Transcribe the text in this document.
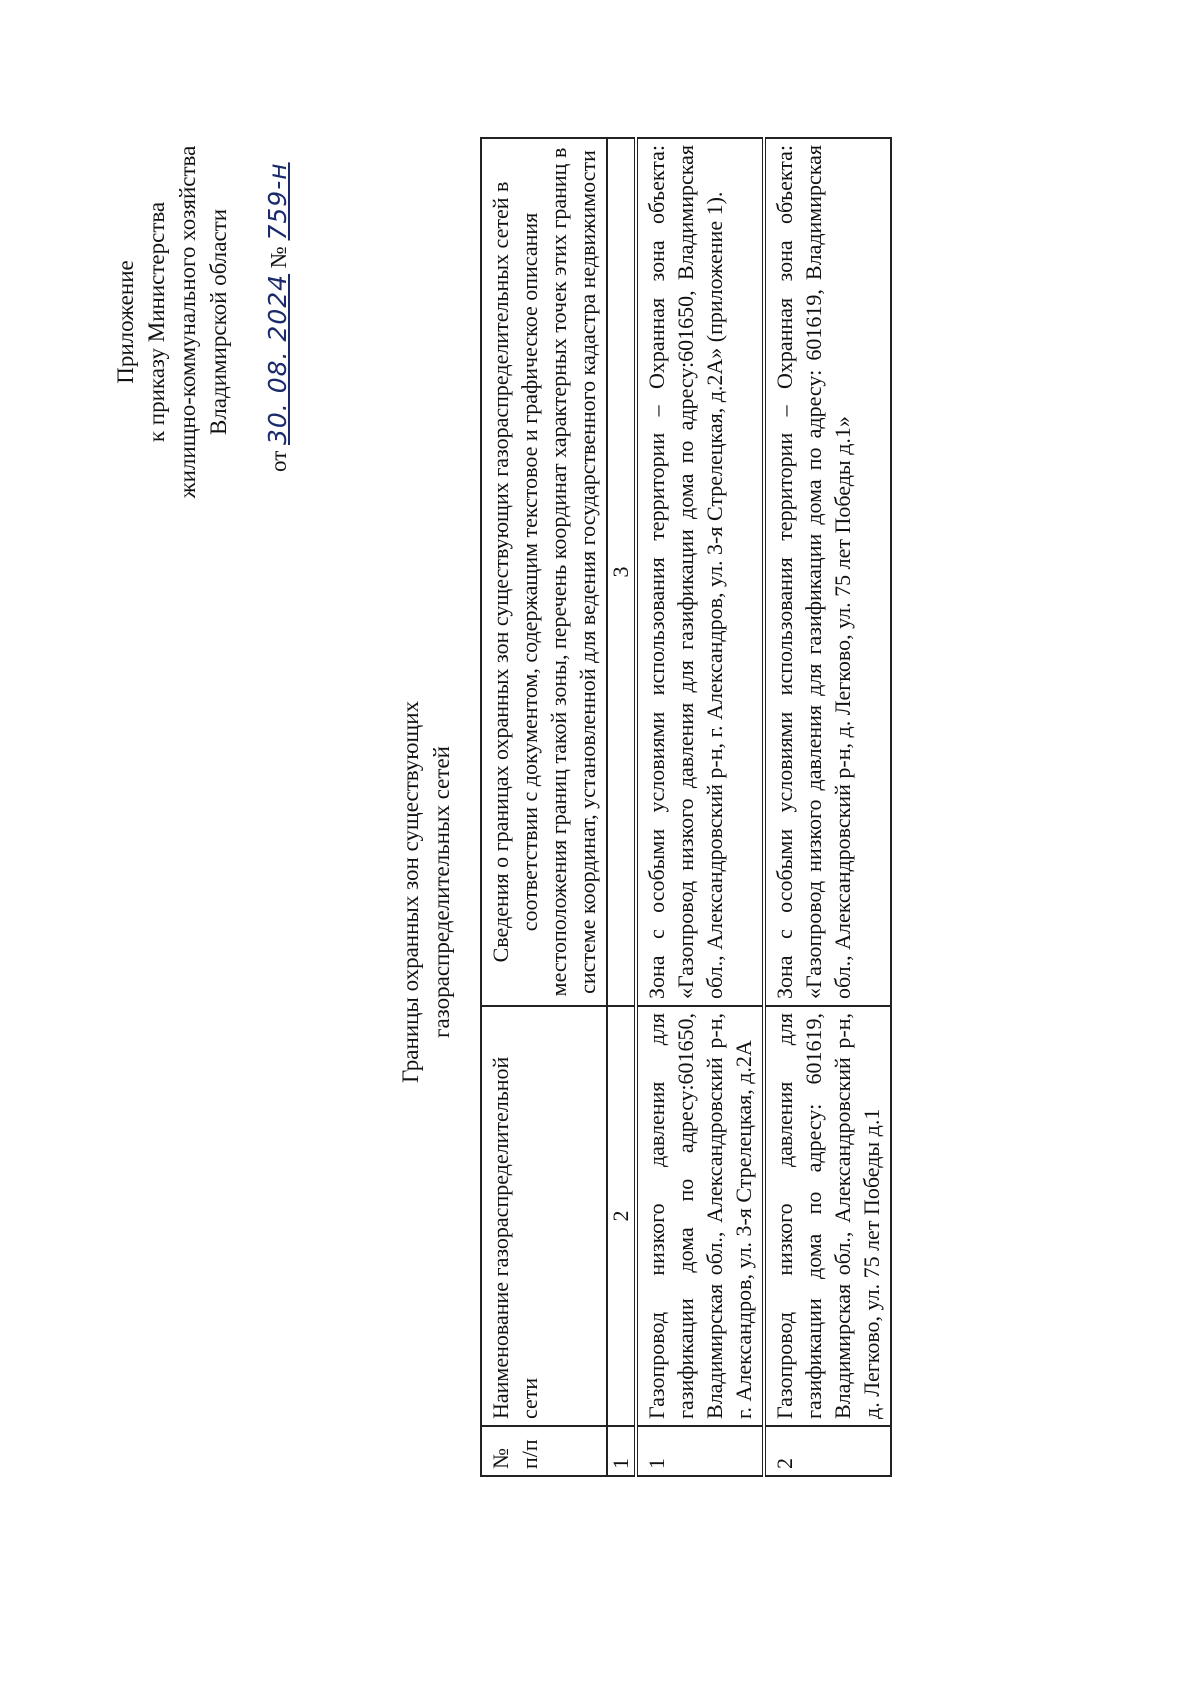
Приложение к приказу Министерства жилищно-коммунального хозяйства Владимирской области
от 30. 08. 2024 № 759-н
Границы охранных зон существующих газораспределительных сетей
№ п/п	Наименование газораспределительной сети	Сведения о границах охранных зон существующих газораспределительных сетей в соответствии с документом, содержащим текстовое и графическое описания местоположения границ такой зоны, перечень координат характерных точек этих границ в системе координат, установленной для ведения государственного кадастра недвижимости
1	2	3
1	Газопровод низкого давления для газификации дома по адресу:601650, Владимирская обл., Александровский р-н, г. Александров, ул. 3-я Стрелецкая, д.2А	Зона с особыми условиями использования территории – Охранная зона объекта: «Газопровод низкого давления для газификации дома по адресу:601650, Владимирская обл., Александровский р-н, г. Александров, ул. 3-я Стрелецкая, д.2А» (приложение 1).
2	Газопровод низкого давления для газификации дома по адресу: 601619, Владимирская обл., Александровский р-н, д. Легково, ул. 75 лет Победы д.1	Зона с особыми условиями использования территории – Охранная зона объекта: «Газопровод низкого давления для газификации дома по адресу: 601619, Владимирская обл., Александровский р-н, д. Легково, ул. 75 лет Победы д.1»
